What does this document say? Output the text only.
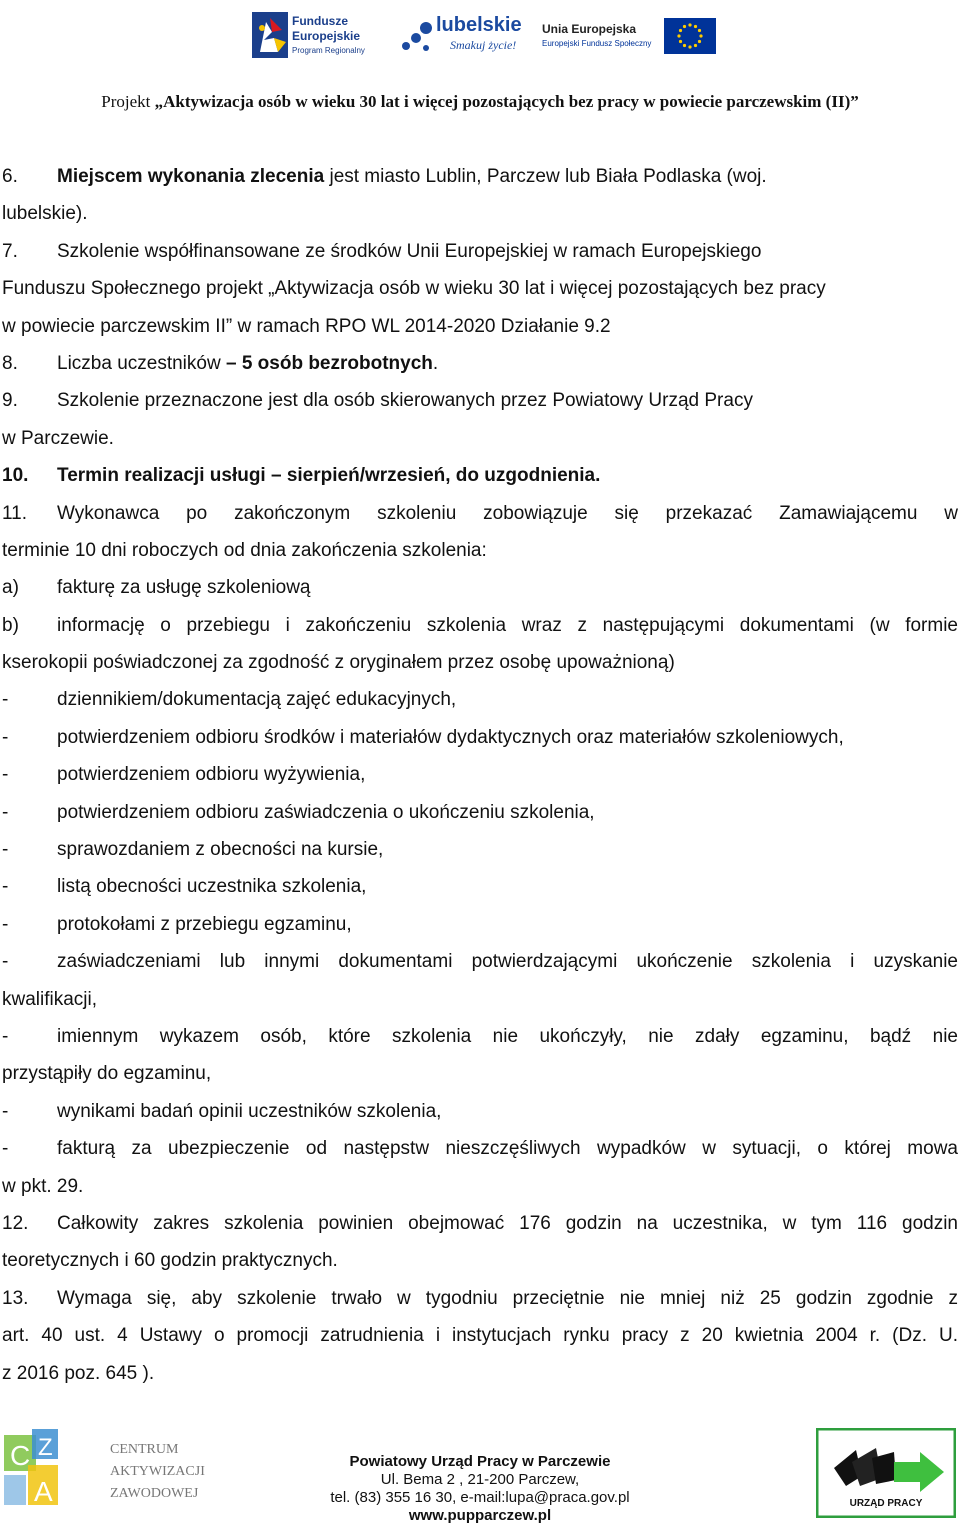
Fundusze
Europejskie
Program Regionalny
lubelskie
Smakuj życie!
Unia Europejska
Europejski Fundusz Społeczny
Projekt „Aktywizacja osób w wieku 30 lat i więcej pozostających bez pracy w powiecie parczewskim (II)”
6. Miejscem wykonania zlecenia jest miasto Lublin, Parczew lub Biała Podlaska (woj.
lubelskie).
7. Szkolenie współfinansowane ze środków Unii Europejskiej w ramach Europejskiego
Funduszu Społecznego projekt „Aktywizacja osób w wieku 30 lat i więcej pozostających bez pracy
w powiecie parczewskim II” w ramach RPO WL 2014-2020 Działanie 9.2
8. Liczba uczestników – 5 osób bezrobotnych.
9. Szkolenie przeznaczone jest dla osób skierowanych przez Powiatowy Urząd Pracy
w Parczewie.
10. Termin realizacji usługi – sierpień/wrzesień, do uzgodnienia.
11. Wykonawca po zakończonym szkoleniu zobowiązuje się przekazać Zamawiającemu w
terminie 10 dni roboczych od dnia zakończenia szkolenia:
a) fakturę za usługę szkoleniową
b) informację o przebiegu i zakończeniu szkolenia wraz z następującymi dokumentami (w formie
kserokopii poświadczonej za zgodność z oryginałem przez osobę upoważnioną)
-	dziennikiem/dokumentacją zajęć edukacyjnych,
-	potwierdzeniem odbioru środków i materiałów dydaktycznych oraz materiałów szkoleniowych,
-	potwierdzeniem odbioru wyżywienia,
-	potwierdzeniem odbioru zaświadczenia o ukończeniu szkolenia,
-	sprawozdaniem z obecności na kursie,
-	listą obecności uczestnika szkolenia,
-	protokołami z przebiegu egzaminu,
-	zaświadczeniami lub innymi dokumentami potwierdzającymi ukończenie szkolenia i uzyskanie
kwalifikacji,
-	imiennym wykazem osób, które szkolenia nie ukończyły, nie zdały egzaminu, bądź nie
przystąpiły do egzaminu,
-	wynikami badań opinii uczestników szkolenia,
-	fakturą za ubezpieczenie od następstw nieszczęśliwych wypadków w sytuacji, o której mowa
w pkt. 29.
12. Całkowity zakres szkolenia powinien obejmować 176 godzin na uczestnika, w tym 116 godzin
teoretycznych i 60 godzin praktycznych.
13. Wymaga się, aby szkolenie trwało w tygodniu przeciętnie nie mniej niż 25 godzin zgodnie z
art. 40 ust. 4 Ustawy o promocji zatrudnienia i instytucjach rynku pracy z 20 kwietnia 2004 r. (Dz. U.
z 2016 poz. 645 ).
C
A
Z	CENTRUM
AKTYWIZACJI
ZAWODOWEJ
Powiatowy Urząd Pracy w Parczewie
Ul. Bema 2 , 21-200 Parczew,
tel. (83) 355 16 30, e-mail:lupa@praca.gov.pl
www.pupparczew.pl
URZĄD PRACY
